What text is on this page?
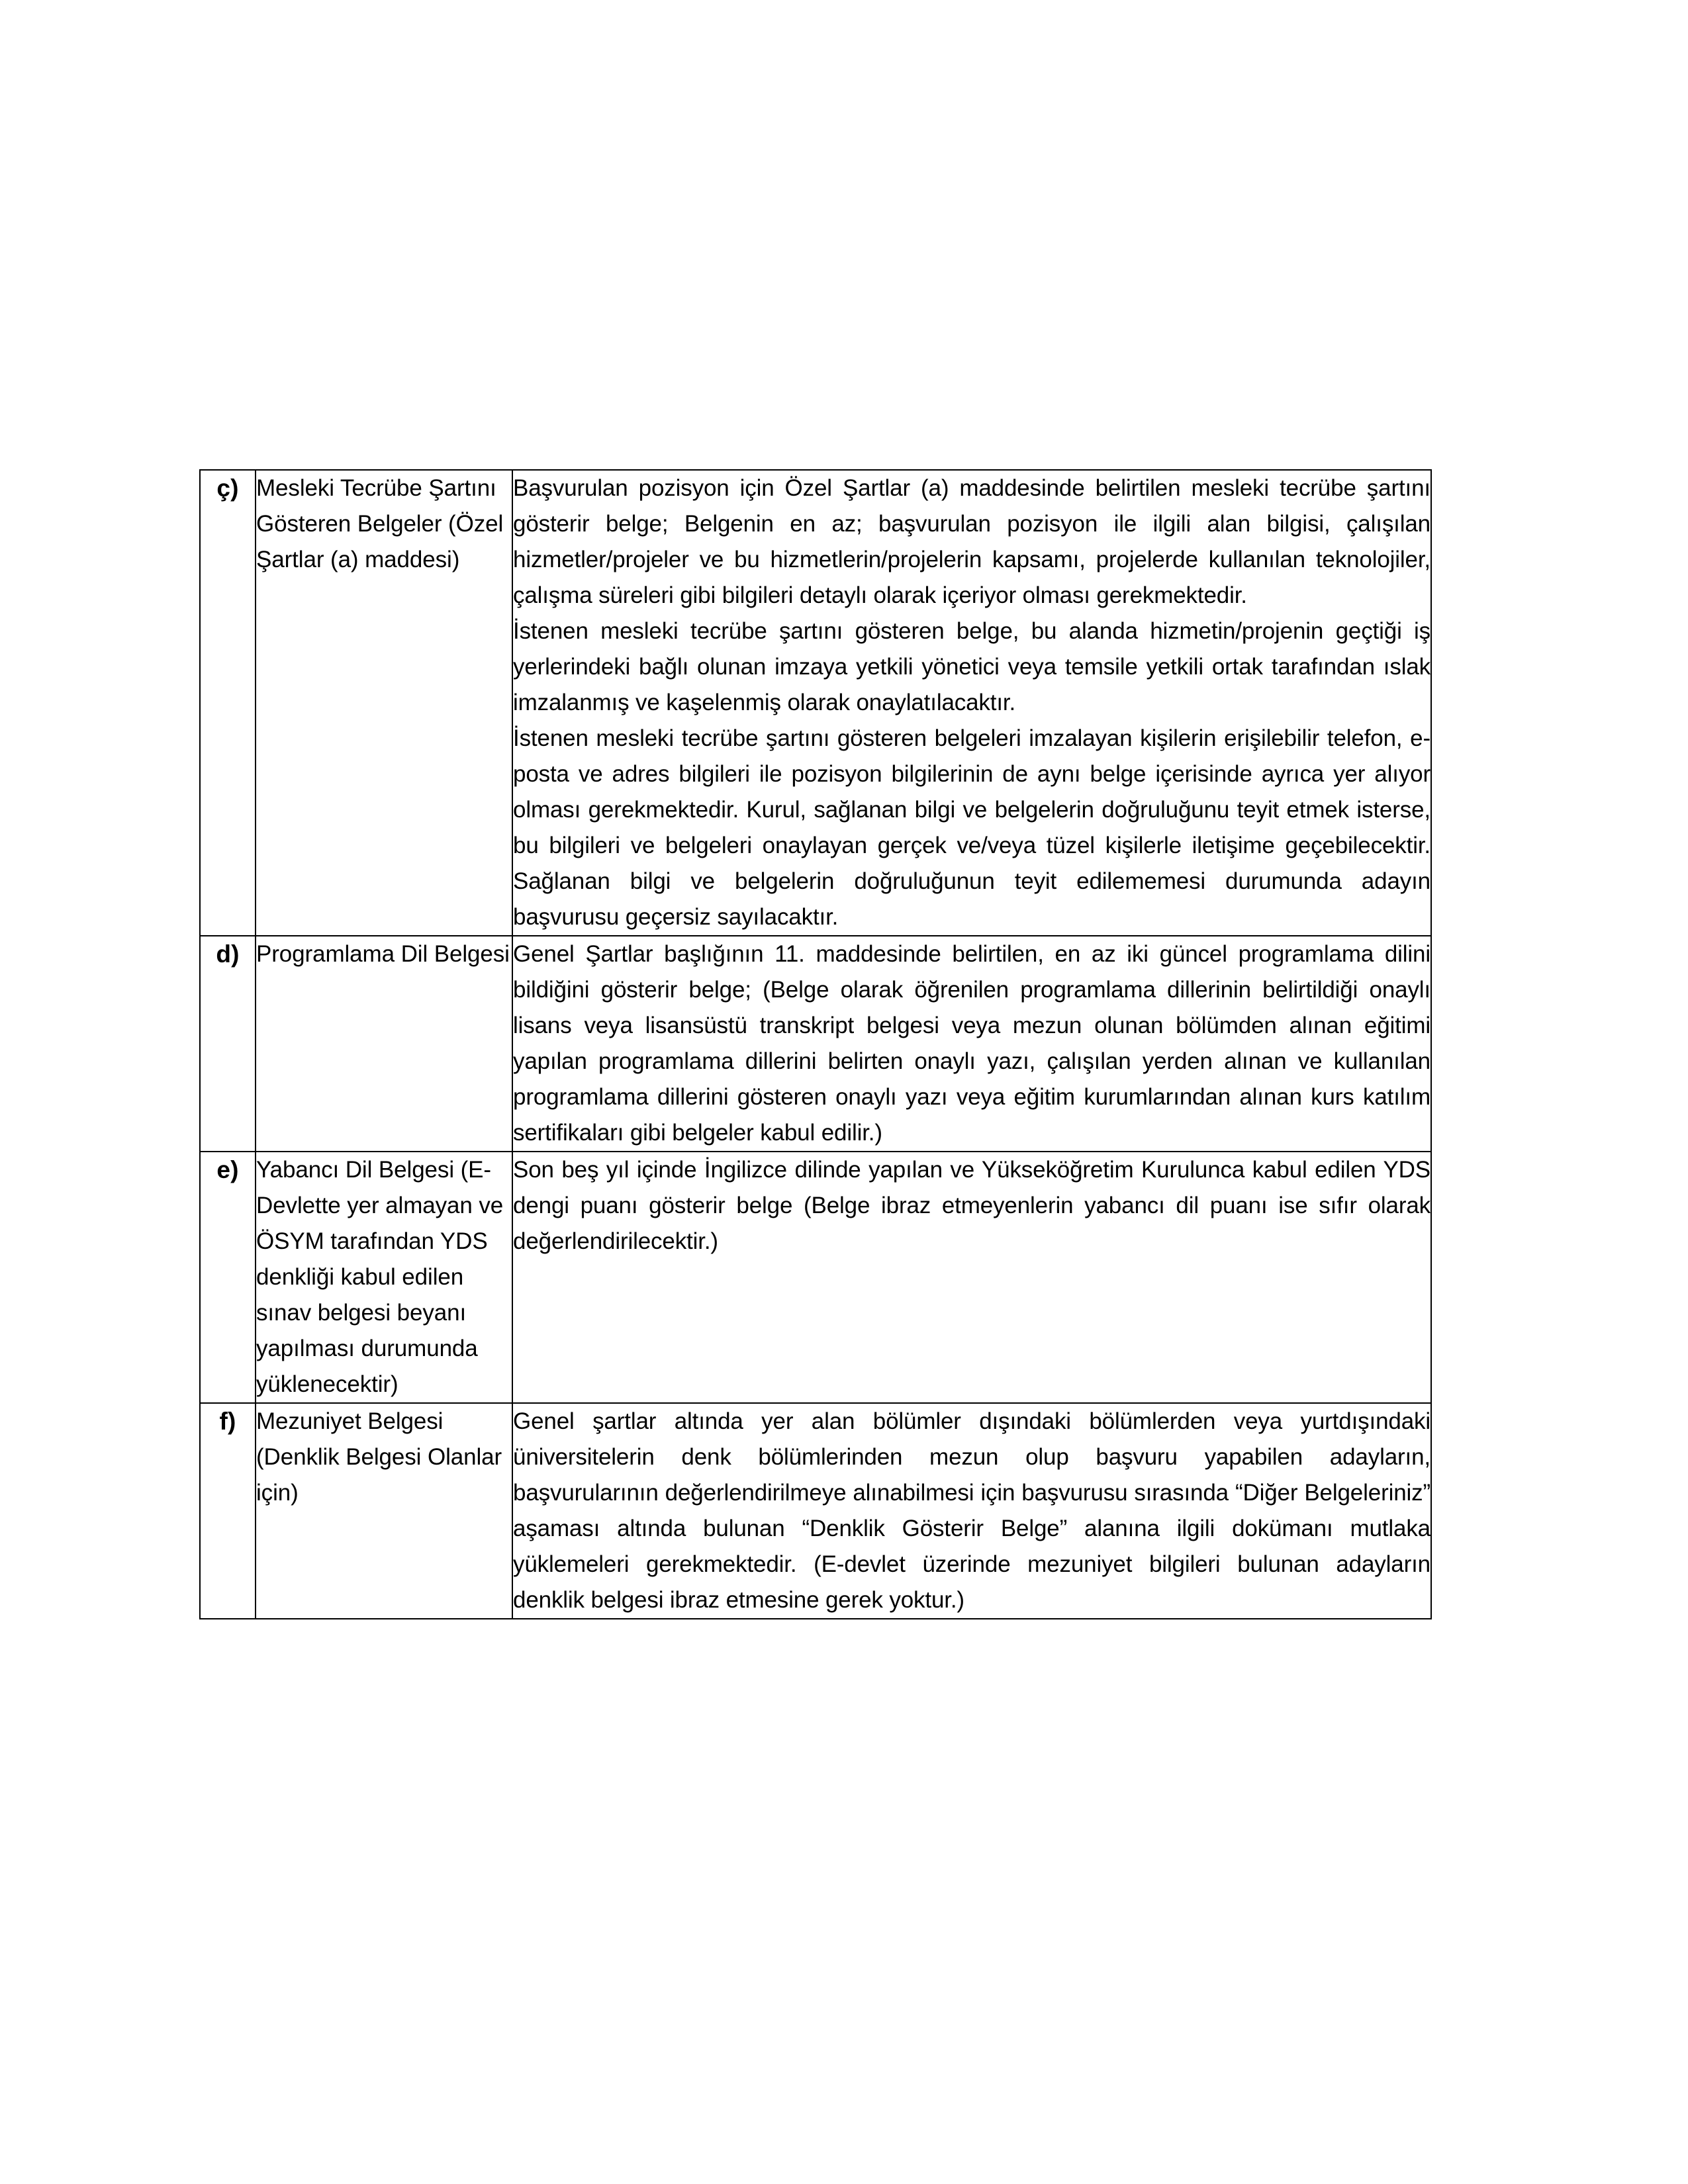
ç)	Mesleki Tecrübe Şartını Gösteren Belgeler (Özel Şartlar (a) maddesi)	Başvurulan pozisyon için Özel Şartlar (a) maddesinde belirtilen mesleki tecrübe şartını gösterir belge; Belgenin en az; başvurulan pozisyon ile ilgili alan bilgisi, çalışılan hizmetler/projeler ve bu hizmetlerin/projelerin kapsamı, projelerde kullanılan teknolojiler, çalışma süreleri gibi bilgileri detaylı olarak içeriyor olması gerekmektedir.

İstenen mesleki tecrübe şartını gösteren belge, bu alanda hizmetin/projenin geçtiği iş yerlerindeki bağlı olunan imzaya yetkili yönetici veya temsile yetkili ortak tarafından ıslak imzalanmış ve kaşelenmiş olarak onaylatılacaktır.

İstenen mesleki tecrübe şartını gösteren belgeleri imzalayan kişilerin erişilebilir telefon, e-posta ve adres bilgileri ile pozisyon bilgilerinin de aynı belge içerisinde ayrıca yer alıyor olması gerekmektedir. Kurul, sağlanan bilgi ve belgelerin doğruluğunu teyit etmek isterse, bu bilgileri ve belgeleri onaylayan gerçek ve/veya tüzel kişilerle iletişime geçebilecektir. Sağlanan bilgi ve belgelerin doğruluğunun teyit edilememesi durumunda adayın başvurusu geçersiz sayılacaktır.

d)	Programlama Dil Belgesi	Genel Şartlar başlığının 11. maddesinde belirtilen, en az iki güncel programlama dilini bildiğini gösterir belge; (Belge olarak öğrenilen programlama dillerinin belirtildiği onaylı lisans veya lisansüstü transkript belgesi veya mezun olunan bölümden alınan eğitimi yapılan programlama dillerini belirten onaylı yazı, çalışılan yerden alınan ve kullanılan programlama dillerini gösteren onaylı yazı veya eğitim kurumlarından alınan kurs katılım sertifikaları gibi belgeler kabul edilir.)

e)	Yabancı Dil Belgesi (E-Devlette yer almayan ve ÖSYM tarafından YDS denkliği kabul edilen sınav belgesi beyanı yapılması durumunda yüklenecektir)	Son beş yıl içinde İngilizce dilinde yapılan ve Yükseköğretim Kurulunca kabul edilen YDS dengi puanı gösterir belge (Belge ibraz etmeyenlerin yabancı dil puanı ise sıfır olarak değerlendirilecektir.)

f)	Mezuniyet Belgesi (Denklik Belgesi Olanlar için)	Genel şartlar altında yer alan bölümler dışındaki bölümlerden veya yurtdışındaki üniversitelerin denk bölümlerinden mezun olup başvuru yapabilen adayların, başvurularının değerlendirilmeye alınabilmesi için başvurusu sırasında “Diğer Belgeleriniz” aşaması altında bulunan “Denklik Gösterir Belge” alanına ilgili dokümanı mutlaka yüklemeleri gerekmektedir. (E-devlet üzerinde mezuniyet bilgileri bulunan adayların denklik belgesi ibraz etmesine gerek yoktur.)
